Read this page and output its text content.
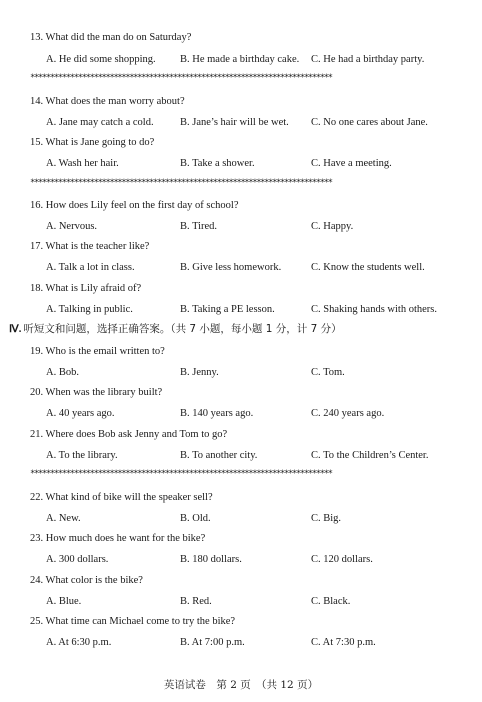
13. What did the man do on Saturday?
A. He did some shopping. B. He made a birthday cake. C. He had a birthday party.
****************************************************************************
14. What does the man worry about?
A. Jane may catch a cold.	B. Jane’s hair will be wet. C. No one cares about Jane.
15. What is Jane going to do?
A. Wash her hair.	B. Take a shower.	C. Have a meeting.
****************************************************************************
16. How does Lily feel on the first day of school?
A. Nervous.	B. Tired.	C. Happy.
17. What is the teacher like?
A. Talk a lot in class.	B. Give less homework.	C. Know the students well.
18. What is Lily afraid of?
A. Talking in public.	B. Taking a PE lesson.	C. Shaking hands with others.
Ⅳ. 听短文和问题，选择正确答案。（共 7 小题，每小题 1 分，计 7 分）
19. Who is the email written to?
A. Bob.	B. Jenny.	C. Tom.
20. When was the library built?
A. 40 years ago.	B. 140 years ago.	C. 240 years ago.
21. Where does Bob ask Jenny and Tom to go?
A. To the library.	B. To another city.	C. To the Children’s Center.
****************************************************************************
22. What kind of bike will the speaker sell?
A. New.	B. Old.	C. Big.
23. How much does he want for the bike?
A. 300 dollars.	B. 180 dollars.	C. 120 dollars.
24. What color is the bike?
A. Blue.	B. Red.	C. Black.
25. What time can Michael come to try the bike?
A. At 6:30 p.m.	B. At 7:00 p.m.	C. At 7:30 p.m.
英语试卷　第 2 页　（共 12 页）
